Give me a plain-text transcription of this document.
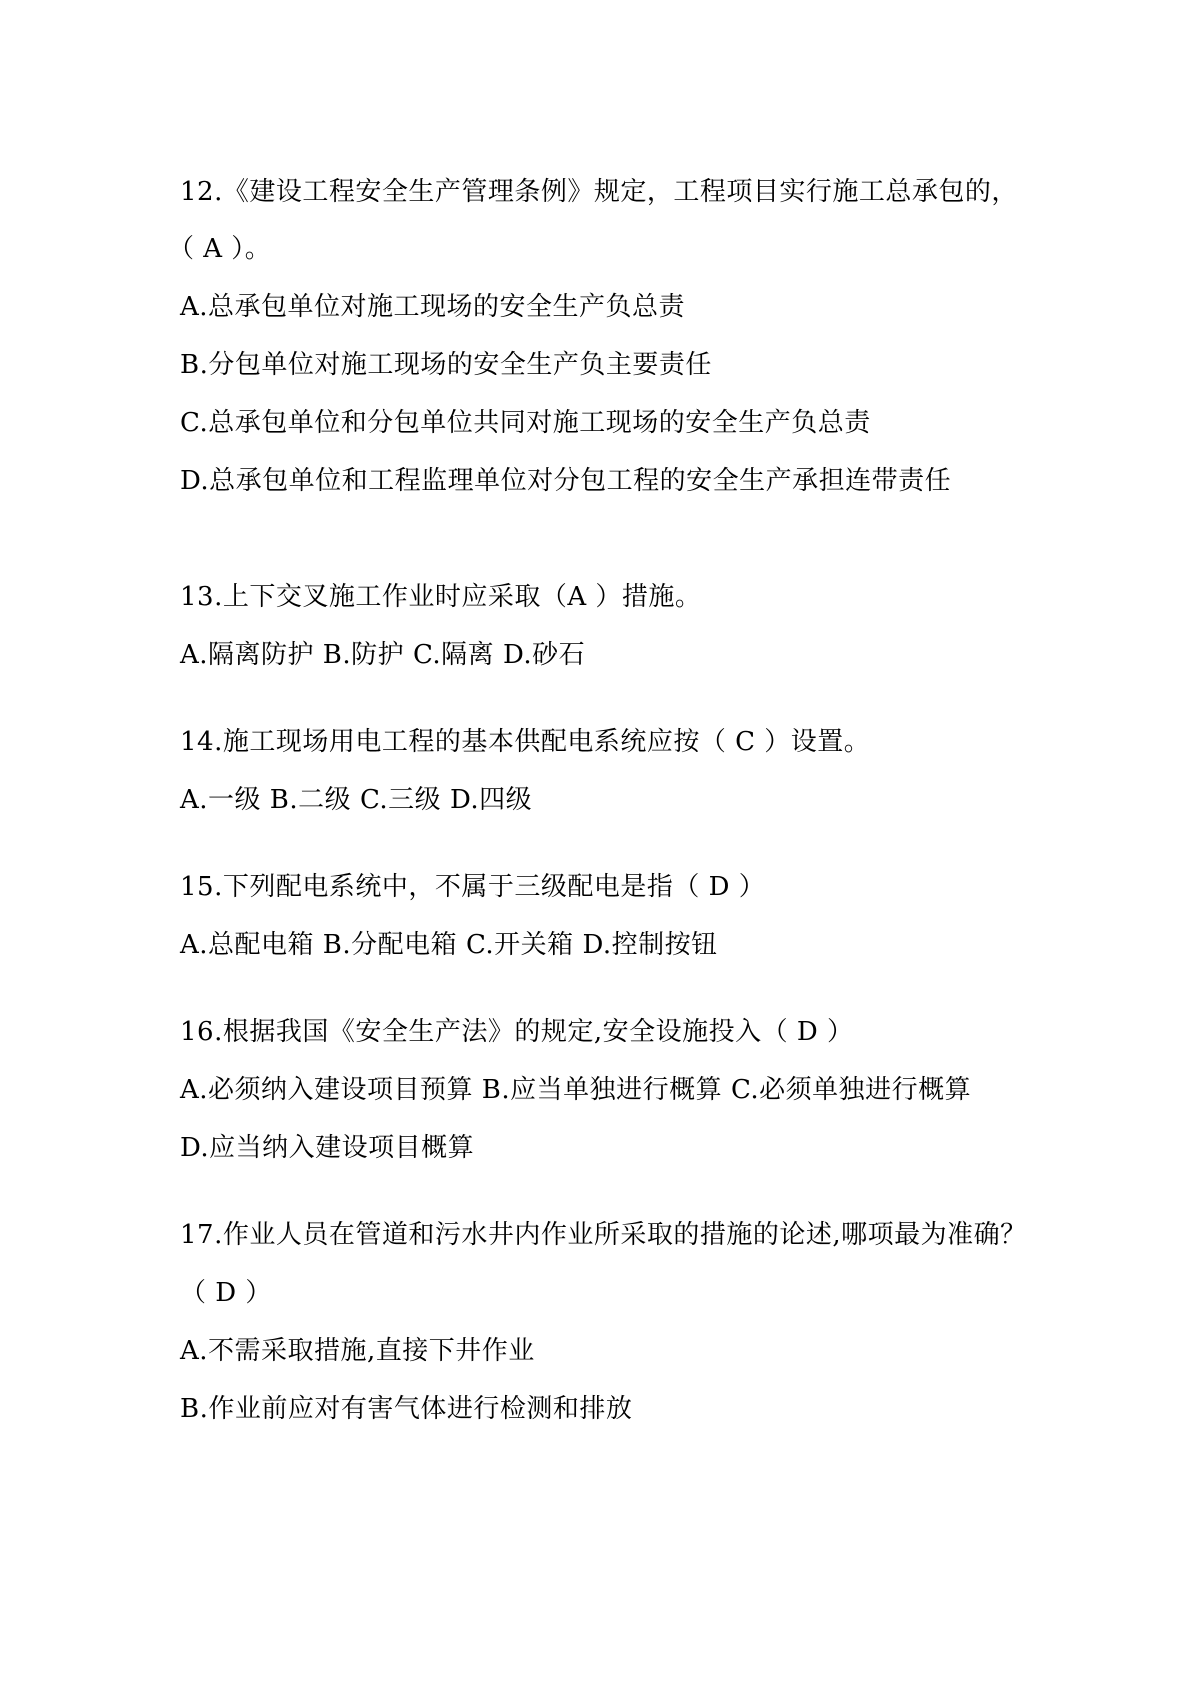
12.《建设工程安全生产管理条例》规定，工程项目实行施工总承包的，
（ A ）。
A.总承包单位对施工现场的安全生产负总责
B.分包单位对施工现场的安全生产负主要责任
C.总承包单位和分包单位共同对施工现场的安全生产负总责
D.总承包单位和工程监理单位对分包工程的安全生产承担连带责任
13.上下交叉施工作业时应采取（A ）措施。
A.隔离防护 B.防护 C.隔离 D.砂石
14.施工现场用电工程的基本供配电系统应按（ C ）设置。
A.一级 B.二级 C.三级 D.四级
15.下列配电系统中，不属于三级配电是指（ D ）
A.总配电箱 B.分配电箱 C.开关箱 D.控制按钮
16.根据我国《安全生产法》的规定,安全设施投入（ D ）
A.必须纳入建设项目预算 B.应当单独进行概算 C.必须单独进行概算
D.应当纳入建设项目概算
17.作业人员在管道和污水井内作业所采取的措施的论述,哪项最为准确？
（ D ）
A.不需采取措施,直接下井作业
B.作业前应对有害气体进行检测和排放
